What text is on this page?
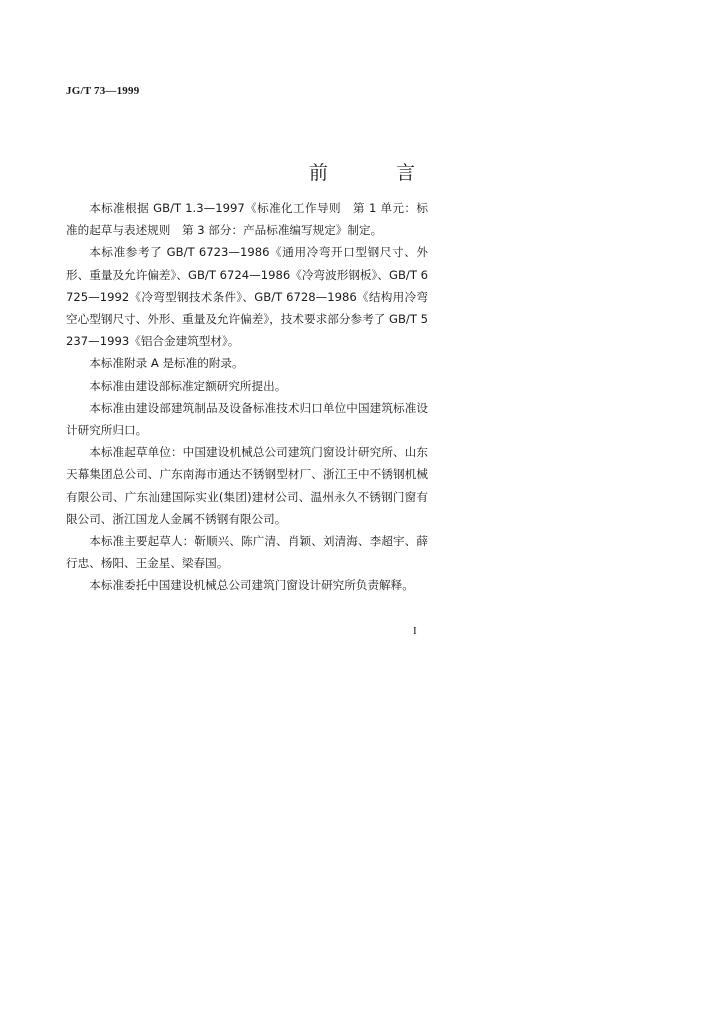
JG/T 73—1999
前	言

本标准根据 GB/T 1.3—1997《标准化工作导则　第 1 单元：标准的起草与表述规则　第 3 部分：产品标准编写规定》制定。

本标准参考了 GB/T 6723—1986《通用冷弯开口型钢尺寸、外形、重量及允许偏差》、GB/T 6724—1986《冷弯波形钢板》、GB/T 6725—1992《冷弯型钢技术条件》、GB/T 6728—1986《结构用冷弯空心型钢尺寸、外形、重量及允许偏差》，技术要求部分参考了 GB/T 5237—1993《铝合金建筑型材》。

本标准附录 A 是标准的附录。

本标准由建设部标准定额研究所提出。

本标准由建设部建筑制品及设备标准技术归口单位中国建筑标准设计研究所归口。

本标准起草单位：中国建设机械总公司建筑门窗设计研究所、山东天幕集团总公司、广东南海市通达不锈钢型材厂、浙江王中不锈钢机械有限公司、广东汕建国际实业(集团)建材公司、温州永久不锈钢门窗有限公司、浙江国龙人金属不锈钢有限公司。

本标准主要起草人：靳顺兴、陈广清、肖颖、刘清海、李超宇、薛行忠、杨阳、王金星、梁春国。

本标准委托中国建设机械总公司建筑门窗设计研究所负责解释。

I
